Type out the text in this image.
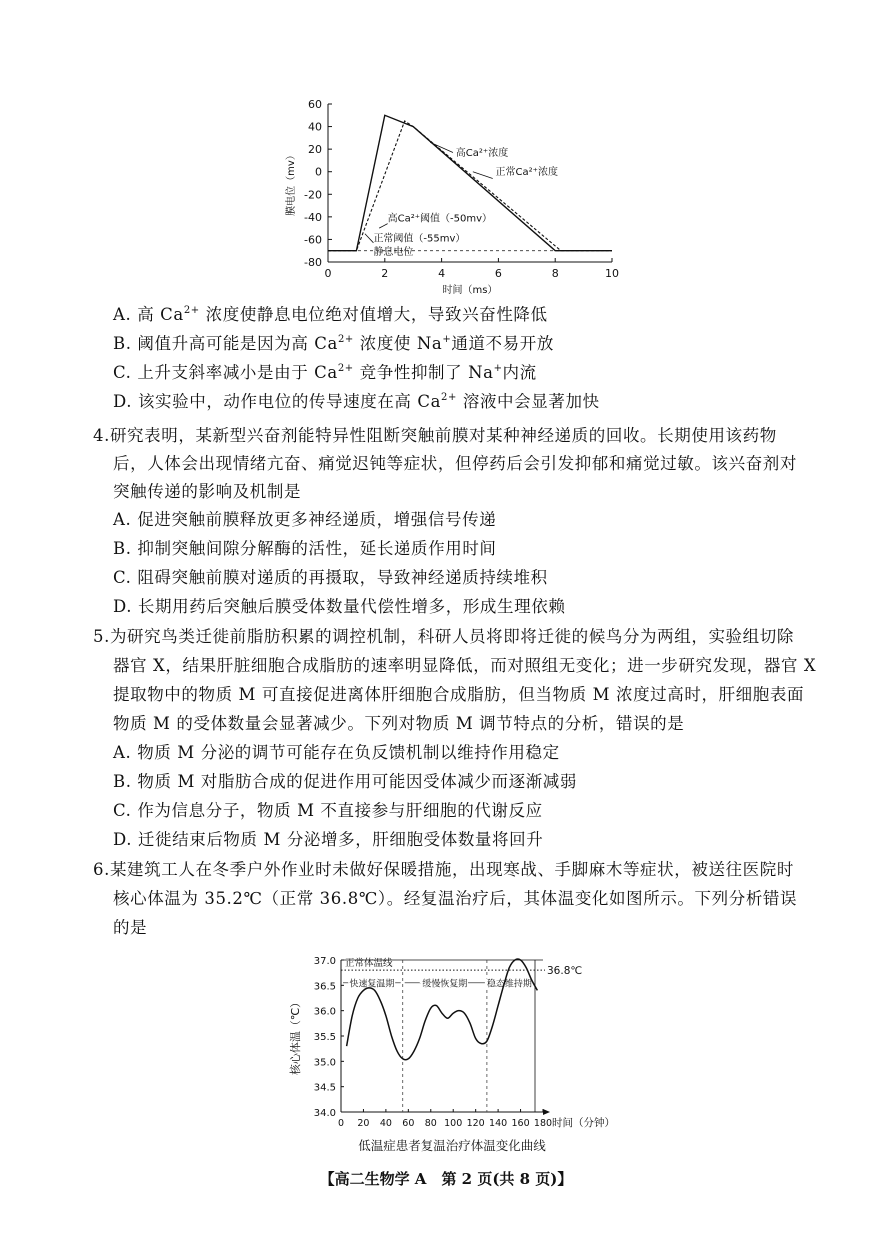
60
40
20
0
-20
-40
-60
-80
0	2	4	6	8	10
时间（ms）
膜电位（mv）	高Ca²⁺浓度
正常Ca²⁺浓度
高Ca²⁺阈值（-50mv）
正常阈值（-55mv）
静息电位
A. 高 $Ca^{2+}$ 浓度使静息电位绝对值增大，导致兴奋性降低
B. 阈值升高可能是因为高 $Ca^{2+}$ 浓度使 Na+通道不易开放
C. 上升支斜率减小是由于 $Ca^{2+}$ 竞争性抑制了 Na+内流
D. 该实验中，动作电位的传导速度在高 $Ca^{2+}$ 溶液中会显著加快
4.研究表明，某新型兴奋剂能特异性阻断突触前膜对某种神经递质的回收。长期使用该药物
后，人体会出现情绪亢奋、痛觉迟钝等症状，但停药后会引发抑郁和痛觉过敏。该兴奋剂对
突触传递的影响及机制是
A. 促进突触前膜释放更多神经递质，增强信号传递
B. 抑制突触间隙分解酶的活性，延长递质作用时间
C. 阻碍突触前膜对递质的再摄取，导致神经递质持续堆积
D. 长期用药后突触后膜受体数量代偿性增多，形成生理依赖
5.为研究鸟类迁徙前脂肪积累的调控机制，科研人员将即将迁徙的候鸟分为两组，实验组切除
器官 X，结果肝脏细胞合成脂肪的速率明显降低，而对照组无变化；进一步研究发现，器官 X
提取物中的物质 M 可直接促进离体肝细胞合成脂肪，但当物质 M 浓度过高时，肝细胞表面
物质 M 的受体数量会显著减少。下列对物质 M 调节特点的分析，错误的是
A. 物质 M 分泌的调节可能存在负反馈机制以维持作用稳定
B. 物质 M 对脂肪合成的促进作用可能因受体减少而逐渐减弱
C. 作为信息分子，物质 M 不直接参与肝细胞的代谢反应
D. 迁徙结束后物质 M 分泌增多，肝细胞受体数量将回升
6.某建筑工人在冬季户外作业时未做好保暖措施，出现寒战、手脚麻木等症状，被送往医院时
核心体温为 35.2℃（正常 36.8℃）。经复温治疗后，其体温变化如图所示。下列分析错误
的是
37.0
36.5
36.0
35.5
35.0
34.5
34.0
0 20 40 60 80 100 120 140 160 180 时间（分钟）
核心体温（℃）
低温症患者复温治疗体温变化曲线
36.8℃
正常体温线
快速复温期	缓慢恢复期 稳态维持期
【高二生物学 A　第 2 页(共 8 页)】
